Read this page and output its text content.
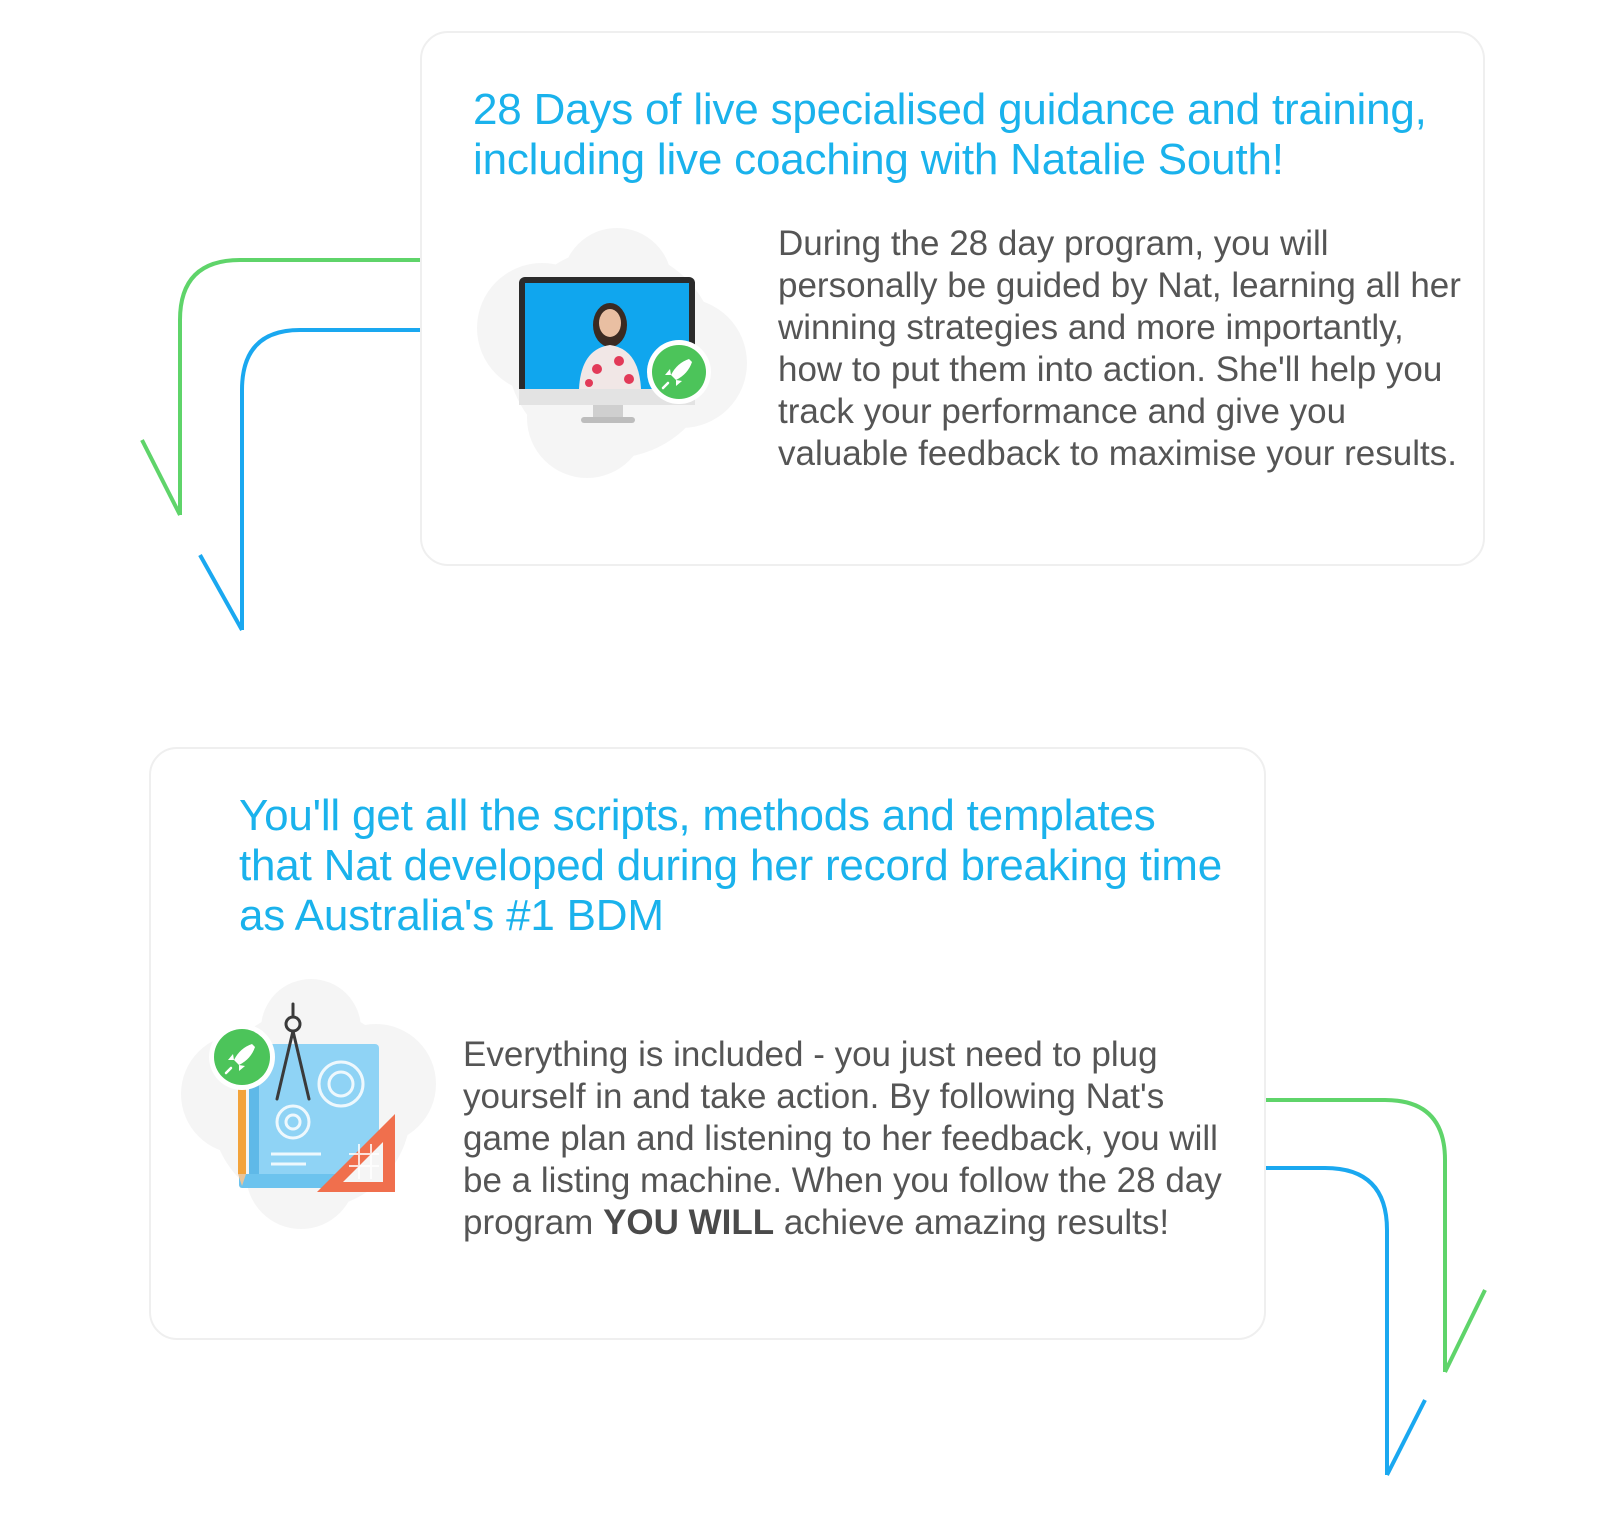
28 Days of live specialised guidance and training, including live coaching with Natalie South!

During the 28 day program, you will personally be guided by Nat, learning all her winning strategies and more importantly, how to put them into action. She'll help you track your performance and give you valuable feedback to maximise your results.

You'll get all the scripts, methods and templates that Nat developed during her record breaking time as Australia's #1 BDM

Everything is included - you just need to plug yourself in and take action. By following Nat's game plan and listening to her feedback, you will be a listing machine. When you follow the 28 day program YOU WILL achieve amazing results!
